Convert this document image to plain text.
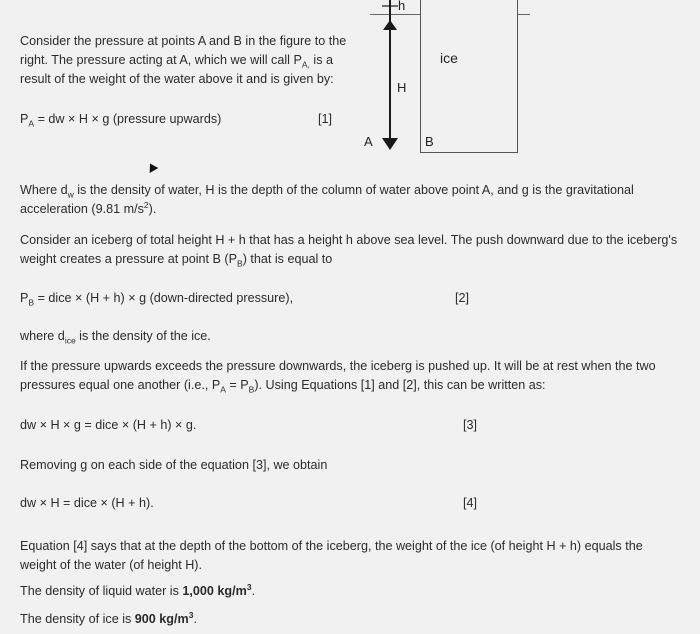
h
H
ice
A	B

Consider the pressure at points A and B in the figure to the

right. The pressure acting at A, which we will call $P_{A,}$ is a

result of the weight of the water above it and is given by:

$P_A$ = dw × H × g (pressure upwards)	[1]

Where $d_w$ is the density of water, H is the depth of the column of water above point A, and g is the gravitational

acceleration (9.81 $m/s^2$).

Consider an iceberg of total height H + h that has a height h above sea level. The push downward due to the iceberg's

weight creates a pressure at point B $(P_B)$ that is equal to

$P_B$ = dice × (H + h) × g (down-directed pressure),	[2]

where $d_{ice}$ is the density of the ice.

If the pressure upwards exceeds the pressure downwards, the iceberg is pushed up. It will be at rest when the two

pressures equal one another (i.e., $P_A = P_B$). Using Equations [1] and [2], this can be written as:

dw × H × g = dice × (H + h) × g.	[3]

Removing g on each side of the equation [3], we obtain

dw × H = dice × (H + h).	[4]

Equation [4] says that at the depth of the bottom of the iceberg, the weight of the ice (of height H + h) equals the

weight of the water (of height H).

The density of liquid water is 1,000 $kg/m^3$.

The density of ice is 900 $kg/m^3$.
